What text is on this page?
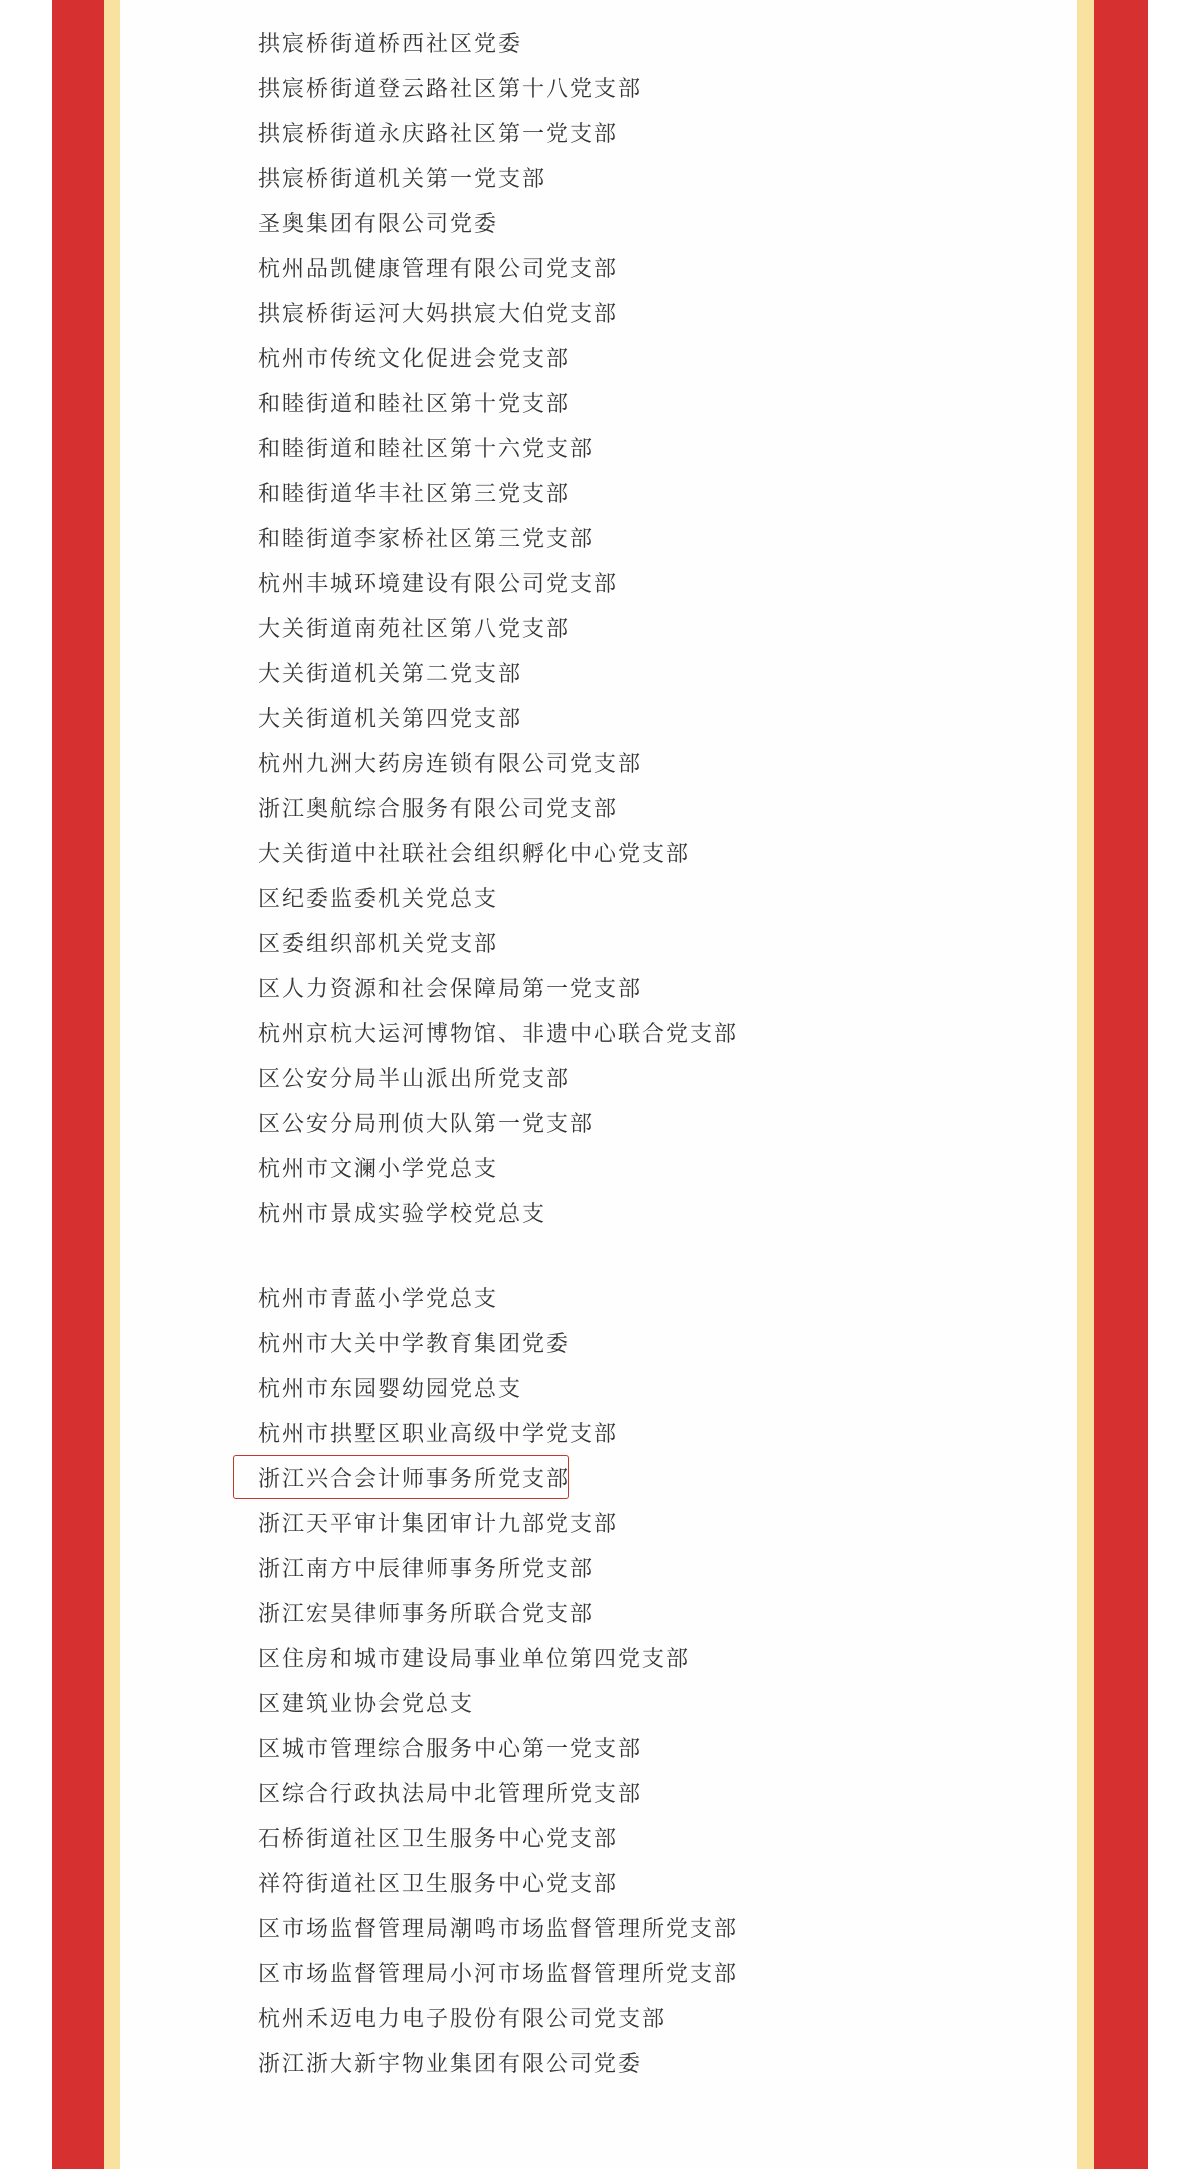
拱宸桥街道桥西社区党委
拱宸桥街道登云路社区第十八党支部
拱宸桥街道永庆路社区第一党支部
拱宸桥街道机关第一党支部
圣奥集团有限公司党委
杭州品凯健康管理有限公司党支部
拱宸桥街运河大妈拱宸大伯党支部
杭州市传统文化促进会党支部
和睦街道和睦社区第十党支部
和睦街道和睦社区第十六党支部
和睦街道华丰社区第三党支部
和睦街道李家桥社区第三党支部
杭州丰城环境建设有限公司党支部
大关街道南苑社区第八党支部
大关街道机关第二党支部
大关街道机关第四党支部
杭州九洲大药房连锁有限公司党支部
浙江奥航综合服务有限公司党支部
大关街道中社联社会组织孵化中心党支部
区纪委监委机关党总支
区委组织部机关党支部
区人力资源和社会保障局第一党支部
杭州京杭大运河博物馆、非遗中心联合党支部
区公安分局半山派出所党支部
区公安分局刑侦大队第一党支部
杭州市文澜小学党总支
杭州市景成实验学校党总支
杭州市青蓝小学党总支
杭州市大关中学教育集团党委
杭州市东园婴幼园党总支
杭州市拱墅区职业高级中学党支部
浙江兴合会计师事务所党支部
浙江天平审计集团审计九部党支部
浙江南方中辰律师事务所党支部
浙江宏昊律师事务所联合党支部
区住房和城市建设局事业单位第四党支部
区建筑业协会党总支
区城市管理综合服务中心第一党支部
区综合行政执法局中北管理所党支部
石桥街道社区卫生服务中心党支部
祥符街道社区卫生服务中心党支部
区市场监督管理局潮鸣市场监督管理所党支部
区市场监督管理局小河市场监督管理所党支部
杭州禾迈电力电子股份有限公司党支部
浙江浙大新宇物业集团有限公司党委
